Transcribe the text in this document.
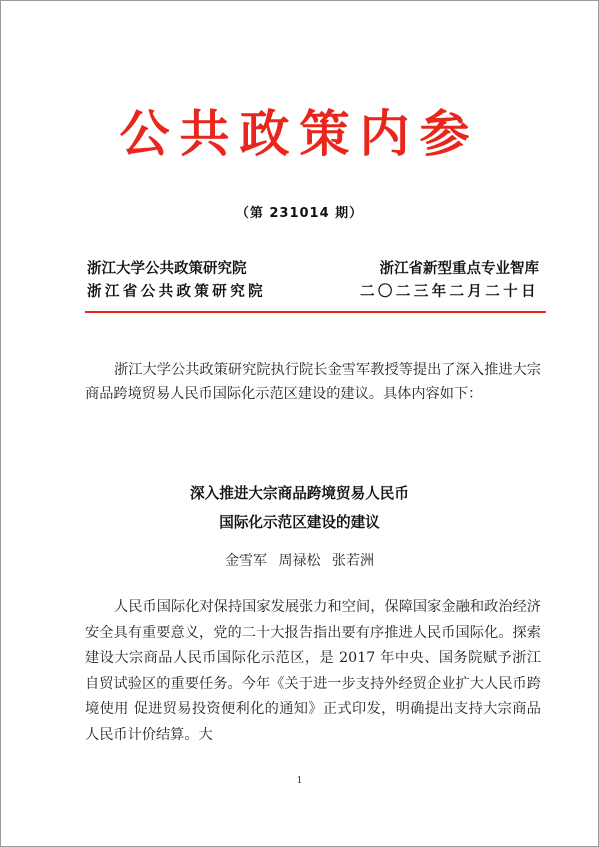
公共政策内参
（第 231014 期）
浙江大学公共政策研究院	浙江省新型重点专业智库
浙江省公共政策研究院	二〇二三年二月二十日
浙江大学公共政策研究院执行院长金雪军教授等提出了深入推进大宗商品跨境贸易人民币国际化示范区建设的建议。具体内容如下：
深入推进大宗商品跨境贸易人民币
国际化示范区建设的建议
金雪军 周禄松 张若洲
人民币国际化对保持国家发展张力和空间，保障国家金融和政治经济安全具有重要意义，党的二十大报告指出要有序推进人民币国际化。探索建设大宗商品人民币国际化示范区，是 2017 年中央、国务院赋予浙江自贸试验区的重要任务。今年《关于进一步支持外经贸企业扩大人民币跨境使用 促进贸易投资便利化的通知》正式印发，明确提出支持大宗商品人民币计价结算。大
1
